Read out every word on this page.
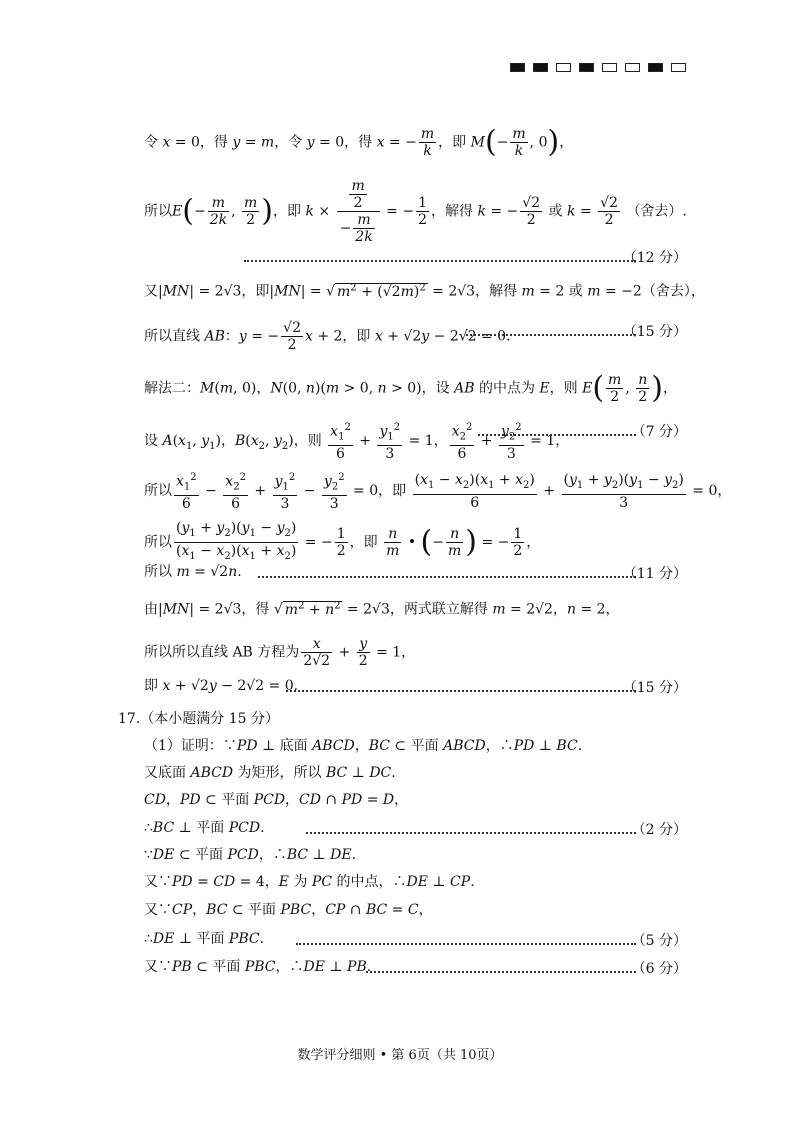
令 x = 0，得 y = m，令 y = 0，得 x = − $\frac{m}{k}$ ，即 $M(- \frac{m}{k}$ , 0)，
所以$E(- \frac{m}{2k}$ , $\frac{m}{2}$ )，即 $k \times \frac{\frac{m}{2}}{- \frac{m}{2k}}$ = − $\frac{1}{2}$ ，解得 k = − $\frac{√2}{2}$ 或 $k = \frac{√2}{2}$ （舍去）.
（12 分）
又|MN| = 2√3，即|MN| = √ $m^2 + (√2m)^2 = 2√3$，解得 m = 2 或 m = −2（舍去），
所以直线 AB：y = − $\frac{√2}{2}$ x + 2，即 x + √2y − 2√2 = 0.	（15 分）
解法二：M(m, 0)，N(0, n)(m > 0, n > 0)，设 AB 的中点为 E，则 $E( \frac{m}{2}$ , $\frac{n}{2}$ )，
设 $A(x_1$, $y_1$)，$B(x_2$, $y_2$)，则 $\frac{x_1^2}{6} + \frac{y_1^2}{3} = 1$， $\frac{x_2^2}{6} + \frac{y_2^2}{3} = 1$，
（7 分）
所以 $\frac{x_1^2}{6} - \frac{x_2^2}{6} + \frac{y_1^2}{3} - \frac{y_2^2}{3} = 0$，即 $\frac{(x_1 - x_2)(x_1 + x_2)}{6} + \frac{(y_1 + y_2)(y_1 - y_2)}{3} = 0$，
所以 $\frac{(y_1 + y_2)(y_1 - y_2)}{(x_1 - x_2)(x_1 + x_2)}$ = − $\frac{1}{2}$ ，即 $\frac{n}{m}$ • (− $\frac{n}{m}$ ) = − $\frac{1}{2}$ ，
所以 m = √2n.	（11 分）
由|MN| = 2√3，得 √ $m^2 + n^2 = 2√3$，两式联立解得 m = 2√2，n = 2，
所以所以直线 AB 方程为 $\frac{x}{2√2} + \frac{y}{2} = 1$，
即 x + √2y − 2√2 = 0.	（15 分）
17.（本小题满分 15 分）
（1）证明：∵PD ⊥ 底面 ABCD，BC ⊂ 平面 ABCD，∴PD ⊥ BC.
又底面 ABCD 为矩形，所以 BC ⊥ DC.
CD，PD ⊂ 平面 PCD，CD ∩ PD = D，
∴BC ⊥ 平面 PCD.	（2 分）
∵DE ⊂ 平面 PCD，∴BC ⊥ DE.
又∵PD = CD = 4，E 为 PC 的中点，∴DE ⊥ CP.
又∵CP，BC ⊂ 平面 PBC，CP ∩ BC = C，
∴DE ⊥ 平面 PBC.	（5 分）
又∵PB ⊂ 平面 PBC，∴DE ⊥ PB.	（6 分）
数学评分细则 • 第 6页（共 10页）
